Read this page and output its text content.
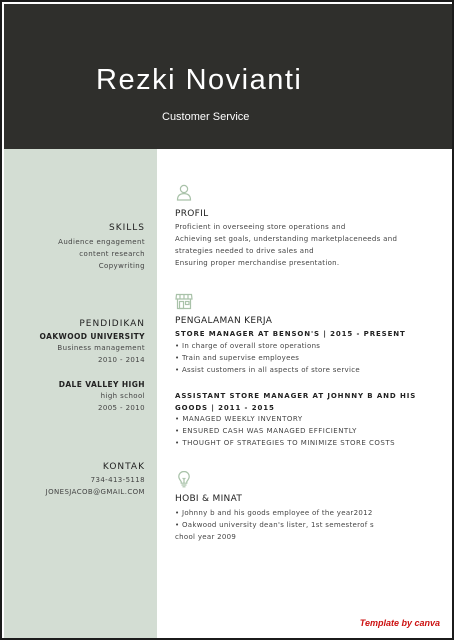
Rezki Novianti
Customer Service
SKILLS
Audience engagement
content research
Copywriting
PENDIDIKAN
OAKWOOD UNIVERSITY
Business management
2010 - 2014
DALE VALLEY HIGH
high school
2005 - 2010
KONTAK
734-413-5118
JONESJACOB@GMAIL.COM
PROFIL
Proficient in overseeing store operations and
Achieving set goals, understanding marketplaceneeds and
strategies needed to drive sales and
Ensuring proper merchandise presentation.
PENGALAMAN KERJA
STORE MANAGER AT BENSON'S | 2015 - PRESENT
• In charge of overall store operations
• Train and supervise employees
• Assist customers in all aspects of store service
ASSISTANT STORE MANAGER AT JOHNNY B AND HIS
GOODS | 2011 - 2015
• MANAGED WEEKLY INVENTORY
• ENSURED CASH WAS MANAGED EFFICIENTLY
• THOUGHT OF STRATEGIES TO MINIMIZE STORE COSTS
HOBI & MINAT
• Johnny b and his goods employee of the year2012
• Oakwood university dean's lister, 1st semesterof s
chool year 2009
Template by canva
